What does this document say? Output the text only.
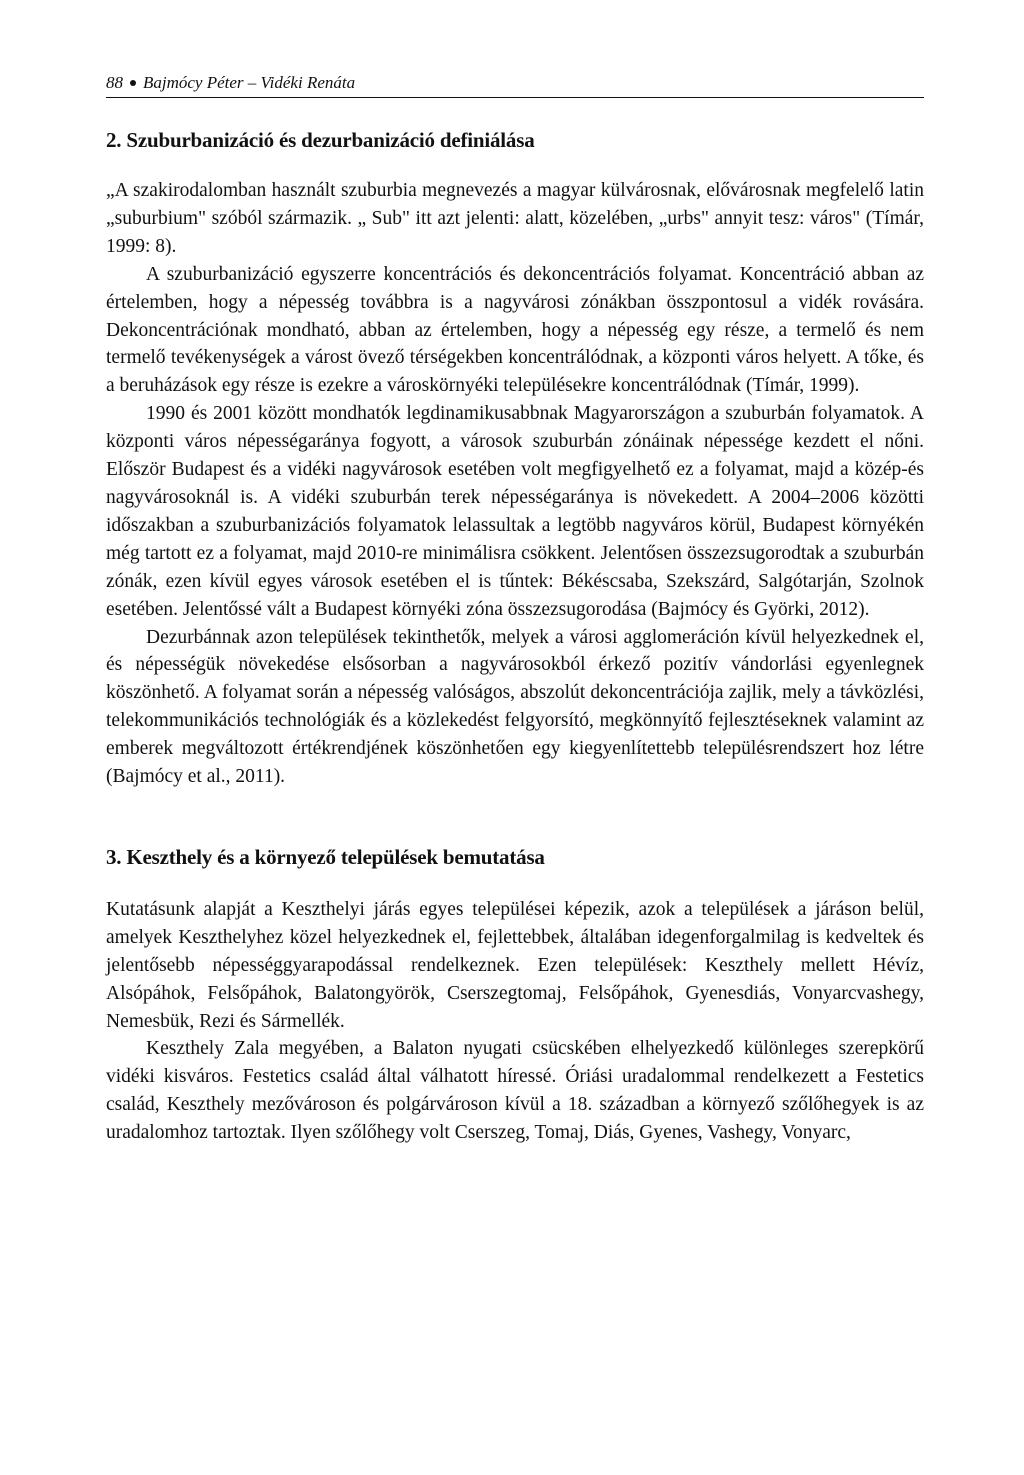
88 Bajmócy Péter – Vidéki Renáta
2. Szuburbanizáció és dezurbanizáció definiálása

„A szakirodalomban használt szuburbia megnevezés a magyar külvárosnak, elővárosnak megfelelő latin „suburbium" szóból származik. „ Sub" itt azt jelenti: alatt, közelében, „urbs" annyit tesz: város" (Tímár, 1999: 8).

A szuburbanizáció egyszerre koncentrációs és dekoncentrációs folyamat. Koncentráció abban az értelemben, hogy a népesség továbbra is a nagyvárosi zónákban összpontosul a vidék rovására. Dekoncentrációnak mondható, abban az értelemben, hogy a népesség egy része, a termelő és nem termelő tevékenységek a várost övező térségekben koncentrálódnak, a központi város helyett. A tőke, és a beruházások egy része is ezekre a városkörnyéki településekre koncentrálódnak (Tímár, 1999).

1990 és 2001 között mondhatók legdinamikusabbnak Magyarországon a szuburbán folyamatok. A központi város népességaránya fogyott, a városok szuburbán zónáinak népessége kezdett el nőni. Először Budapest és a vidéki nagyvárosok esetében volt megfigyelhető ez a folyamat, majd a közép-és nagyvárosoknál is. A vidéki szuburbán terek népességaránya is növekedett. A 2004–2006 közötti időszakban a szuburbanizációs folyamatok lelassultak a legtöbb nagyváros körül, Budapest környékén még tartott ez a folyamat, majd 2010-re minimálisra csökkent. Jelentősen összezsugorodtak a szuburbán zónák, ezen kívül egyes városok esetében el is tűntek: Békéscsaba, Szekszárd, Salgótarján, Szolnok esetében. Jelentőssé vált a Budapest környéki zóna összezsugorodása (Bajmócy és Györki, 2012).

Dezurbánnak azon települések tekinthetők, melyek a városi agglomeráción kívül helyezkednek el, és népességük növekedése elsősorban a nagyvárosokból érkező pozitív vándorlási egyenlegnek köszönhető. A folyamat során a népesség valóságos, abszolút dekoncentrációja zajlik, mely a távközlési, telekommunikációs technológiák és a közlekedést felgyorsító, megkönnyítő fejlesztéseknek valamint az emberek megváltozott értékrendjének köszönhetően egy kiegyenlítettebb településrendszert hoz létre (Bajmócy et al., 2011).

3. Keszthely és a környező települések bemutatása

Kutatásunk alapját a Keszthelyi járás egyes települései képezik, azok a települések a járáson belül, amelyek Keszthelyhez közel helyezkednek el, fejlettebbek, általában idegenforgalmilag is kedveltek és jelentősebb népességgyarapodással rendelkeznek. Ezen települések: Keszthely mellett Hévíz, Alsópáhok, Felsőpáhok, Balatongyörök, Cserszegtomaj, Felsőpáhok, Gyenesdiás, Vonyarcvashegy, Nemesbük, Rezi és Sármellék.

Keszthely Zala megyében, a Balaton nyugati csücskében elhelyezkedő különleges szerepkörű vidéki kisváros. Festetics család által válhatott híressé. Óriási uradalommal rendelkezett a Festetics család, Keszthely mezővároson és polgárvároson kívül a 18. században a környező szőlőhegyek is az uradalomhoz tartoztak. Ilyen szőlőhegy volt Cserszeg, Tomaj, Diás, Gyenes, Vashegy, Vonyarc,
